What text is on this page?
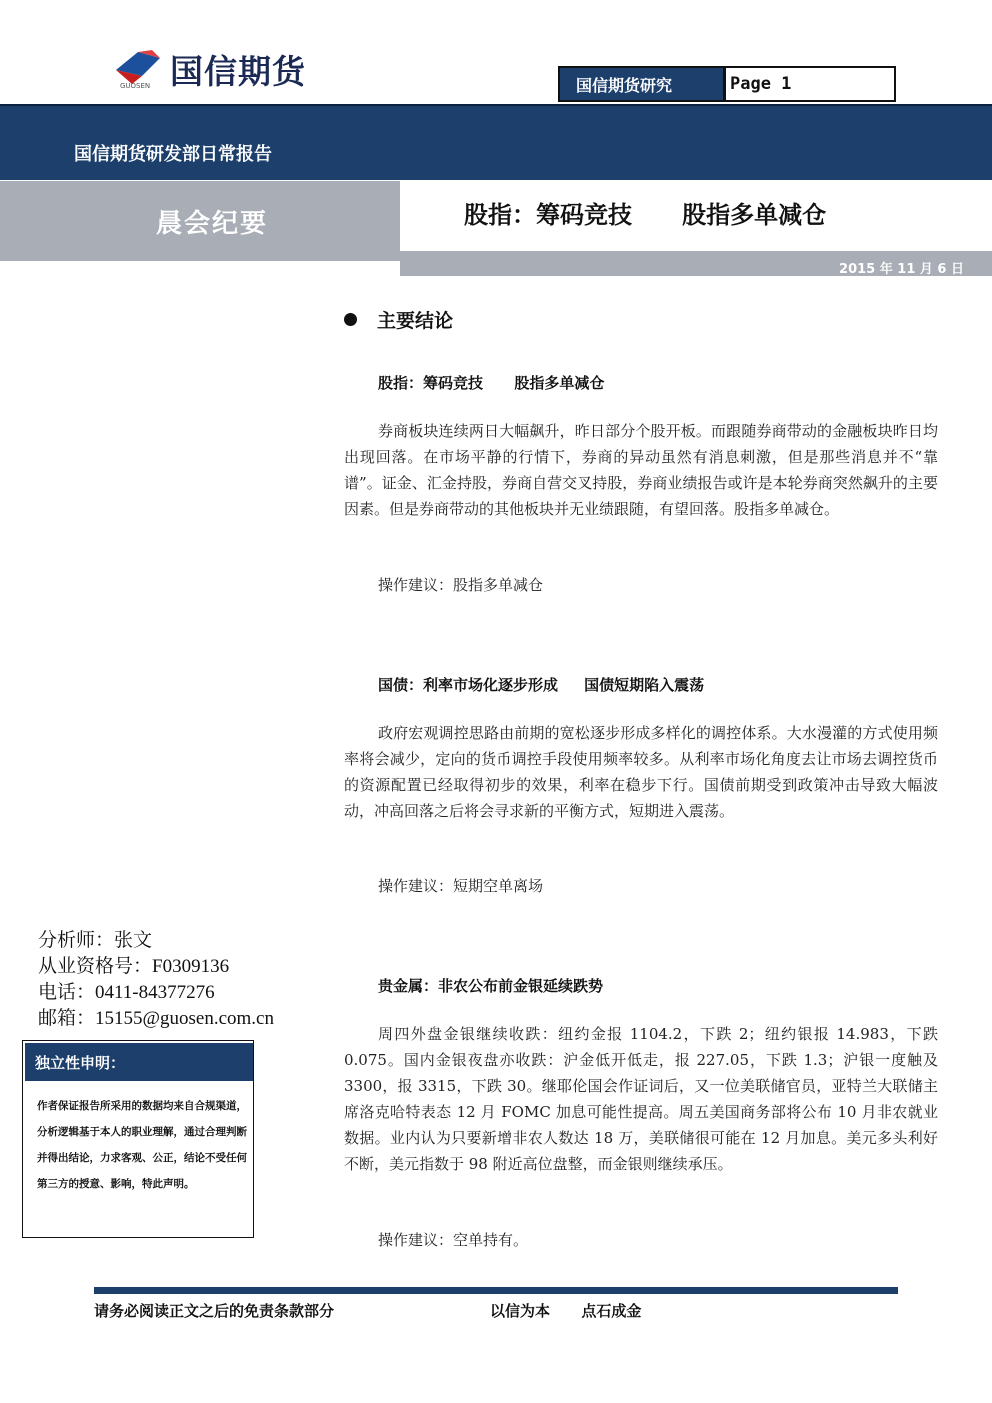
国信期货
GUOSEN	国信期货研究	Page 1
国信期货研发部日常报告
晨会纪要	股指：筹码竞技      股指多单减仓
2015 年 11 月 6 日
主要结论
股指：筹码竞技      股指多单减仓
券商板块连续两日大幅飙升，昨日部分个股开板。而跟随券商带动的金融板块昨日均出现回落。在市场平静的行情下，券商的异动虽然有消息刺激，但是那些消息并不“靠谱”。证金、汇金持股，券商自营交叉持股，券商业绩报告或许是本轮券商突然飙升的主要因素。但是券商带动的其他板块并无业绩跟随，有望回落。股指多单减仓。
操作建议：股指多单减仓
国债：利率市场化逐步形成     国债短期陷入震荡
政府宏观调控思路由前期的宽松逐步形成多样化的调控体系。大水漫灌的方式使用频率将会减少，定向的货币调控手段使用频率较多。从利率市场化角度去让市场去调控货币的资源配置已经取得初步的效果，利率在稳步下行。国债前期受到政策冲击导致大幅波动，冲高回落之后将会寻求新的平衡方式，短期进入震荡。
操作建议：短期空单离场
贵金属：非农公布前金银延续跌势
周四外盘金银继续收跌：纽约金报 1104.2，下跌 2；纽约银报 14.983，下跌 0.075。国内金银夜盘亦收跌：沪金低开低走，报 227.05，下跌 1.3；沪银一度触及 3300，报 3315，下跌 30。继耶伦国会作证词后，又一位美联储官员，亚特兰大联储主席洛克哈特表态 12 月 FOMC 加息可能性提高。周五美国商务部将公布 10 月非农就业数据。业内认为只要新增非农人数达 18 万，美联储很可能在 12 月加息。美元多头利好不断，美元指数于 98 附近高位盘整，而金银则继续承压。
操作建议：空单持有。
分析师：张文
从业资格号：F0309136
电话：0411-84377276
邮箱：15155@guosen.com.cn
独立性申明：
作者保证报告所采用的数据均来自合规渠道，分析逻辑基于本人的职业理解，通过合理判断 并得出结论，力求客观、公正，结论不受任何第三方的授意、影响，特此声明。
请务必阅读正文之后的免责条款部分	以信为本      点石成金
